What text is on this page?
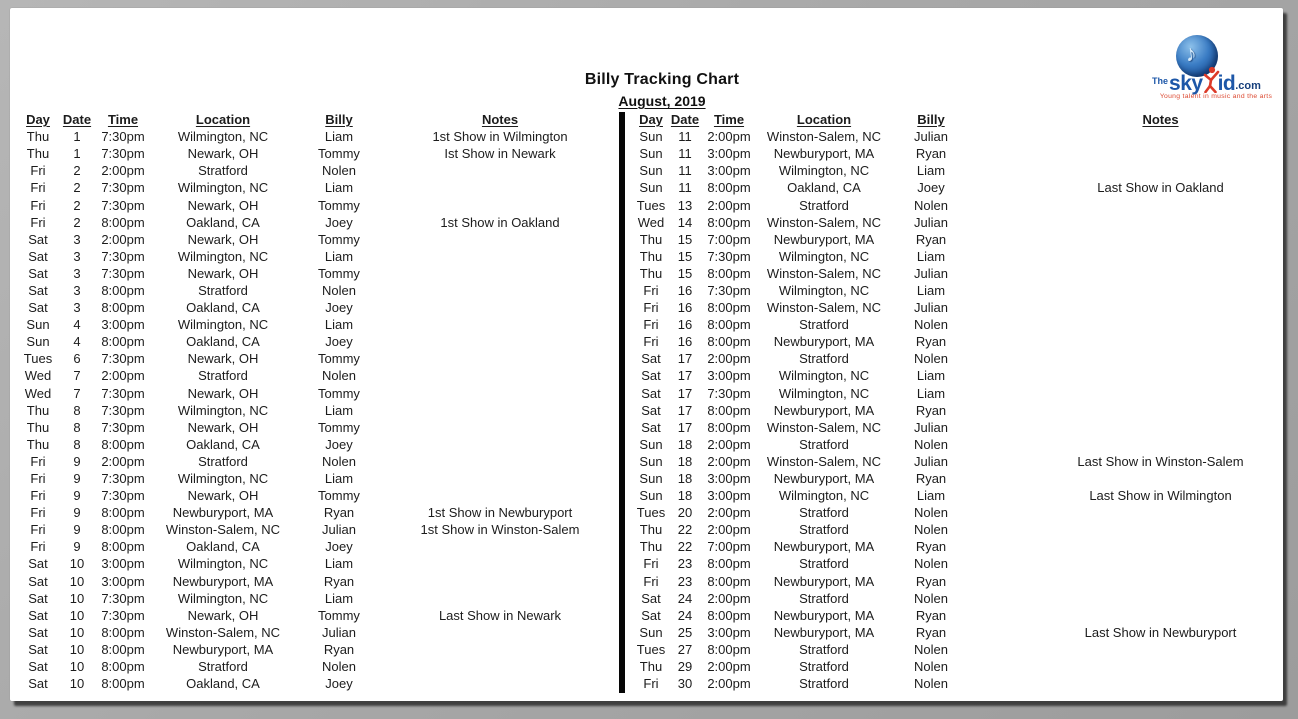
Billy Tracking Chart
August, 2019
♪
The sky id .com
Young talent in music and the arts
Day	Date	Time	Location	Billy	Notes
Thu	1	7:30pm	Wilmington, NC	Liam	1st Show in Wilmington
Thu	1	7:30pm	Newark, OH	Tommy	Ist Show in Newark
Fri	2	2:00pm	Stratford	Nolen	
Fri	2	7:30pm	Wilmington, NC	Liam	
Fri	2	7:30pm	Newark, OH	Tommy	
Fri	2	8:00pm	Oakland, CA	Joey	1st Show in Oakland
Sat	3	2:00pm	Newark, OH	Tommy	
Sat	3	7:30pm	Wilmington, NC	Liam	
Sat	3	7:30pm	Newark, OH	Tommy	
Sat	3	8:00pm	Stratford	Nolen	
Sat	3	8:00pm	Oakland, CA	Joey	
Sun	4	3:00pm	Wilmington, NC	Liam	
Sun	4	8:00pm	Oakland, CA	Joey	
Tues	6	7:30pm	Newark, OH	Tommy	
Wed	7	2:00pm	Stratford	Nolen	
Wed	7	7:30pm	Newark, OH	Tommy	
Thu	8	7:30pm	Wilmington, NC	Liam	
Thu	8	7:30pm	Newark, OH	Tommy	
Thu	8	8:00pm	Oakland, CA	Joey	
Fri	9	2:00pm	Stratford	Nolen	
Fri	9	7:30pm	Wilmington, NC	Liam	
Fri	9	7:30pm	Newark, OH	Tommy	
Fri	9	8:00pm	Newburyport, MA	Ryan	1st Show in Newburyport
Fri	9	8:00pm	Winston-Salem, NC	Julian	1st Show in Winston-Salem
Fri	9	8:00pm	Oakland, CA	Joey	
Sat	10	3:00pm	Wilmington, NC	Liam	
Sat	10	3:00pm	Newburyport, MA	Ryan	
Sat	10	7:30pm	Wilmington, NC	Liam	
Sat	10	7:30pm	Newark, OH	Tommy	Last Show in Newark
Sat	10	8:00pm	Winston-Salem, NC	Julian	
Sat	10	8:00pm	Newburyport, MA	Ryan	
Sat	10	8:00pm	Stratford	Nolen	
Sat	10	8:00pm	Oakland, CA	Joey	
Day	Date	Time	Location	Billy	Notes
Sun	11	2:00pm	Winston-Salem, NC	Julian	
Sun	11	3:00pm	Newburyport, MA	Ryan	
Sun	11	3:00pm	Wilmington, NC	Liam	
Sun	11	8:00pm	Oakland, CA	Joey	Last Show in Oakland
Tues	13	2:00pm	Stratford	Nolen	
Wed	14	8:00pm	Winston-Salem, NC	Julian	
Thu	15	7:00pm	Newburyport, MA	Ryan	
Thu	15	7:30pm	Wilmington, NC	Liam	
Thu	15	8:00pm	Winston-Salem, NC	Julian	
Fri	16	7:30pm	Wilmington, NC	Liam	
Fri	16	8:00pm	Winston-Salem, NC	Julian	
Fri	16	8:00pm	Stratford	Nolen	
Fri	16	8:00pm	Newburyport, MA	Ryan	
Sat	17	2:00pm	Stratford	Nolen	
Sat	17	3:00pm	Wilmington, NC	Liam	
Sat	17	7:30pm	Wilmington, NC	Liam	
Sat	17	8:00pm	Newburyport, MA	Ryan	
Sat	17	8:00pm	Winston-Salem, NC	Julian	
Sun	18	2:00pm	Stratford	Nolen	
Sun	18	2:00pm	Winston-Salem, NC	Julian	Last Show in Winston-Salem
Sun	18	3:00pm	Newburyport, MA	Ryan	
Sun	18	3:00pm	Wilmington, NC	Liam	Last Show in Wilmington
Tues	20	2:00pm	Stratford	Nolen	
Thu	22	2:00pm	Stratford	Nolen	
Thu	22	7:00pm	Newburyport, MA	Ryan	
Fri	23	8:00pm	Stratford	Nolen	
Fri	23	8:00pm	Newburyport, MA	Ryan	
Sat	24	2:00pm	Stratford	Nolen	
Sat	24	8:00pm	Newburyport, MA	Ryan	
Sun	25	3:00pm	Newburyport, MA	Ryan	Last Show in Newburyport
Tues	27	8:00pm	Stratford	Nolen	
Thu	29	2:00pm	Stratford	Nolen	
Fri	30	2:00pm	Stratford	Nolen	
